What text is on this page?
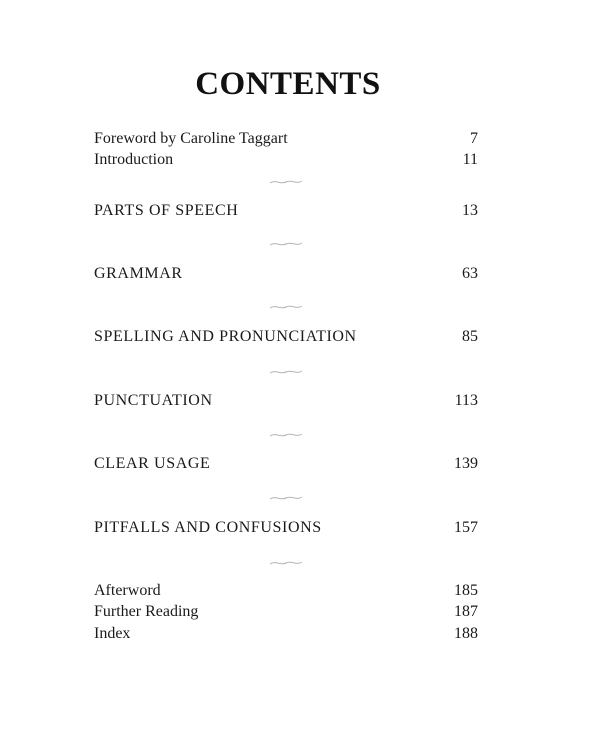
CONTENTS
Foreword by Caroline Taggart	7
Introduction	11
PARTS OF SPEECH	13
GRAMMAR	63
SPELLING AND PRONUNCIATION	85
PUNCTUATION	113
CLEAR USAGE	139
PITFALLS AND CONFUSIONS	157
Afterword	185
Further Reading	187
Index	188
